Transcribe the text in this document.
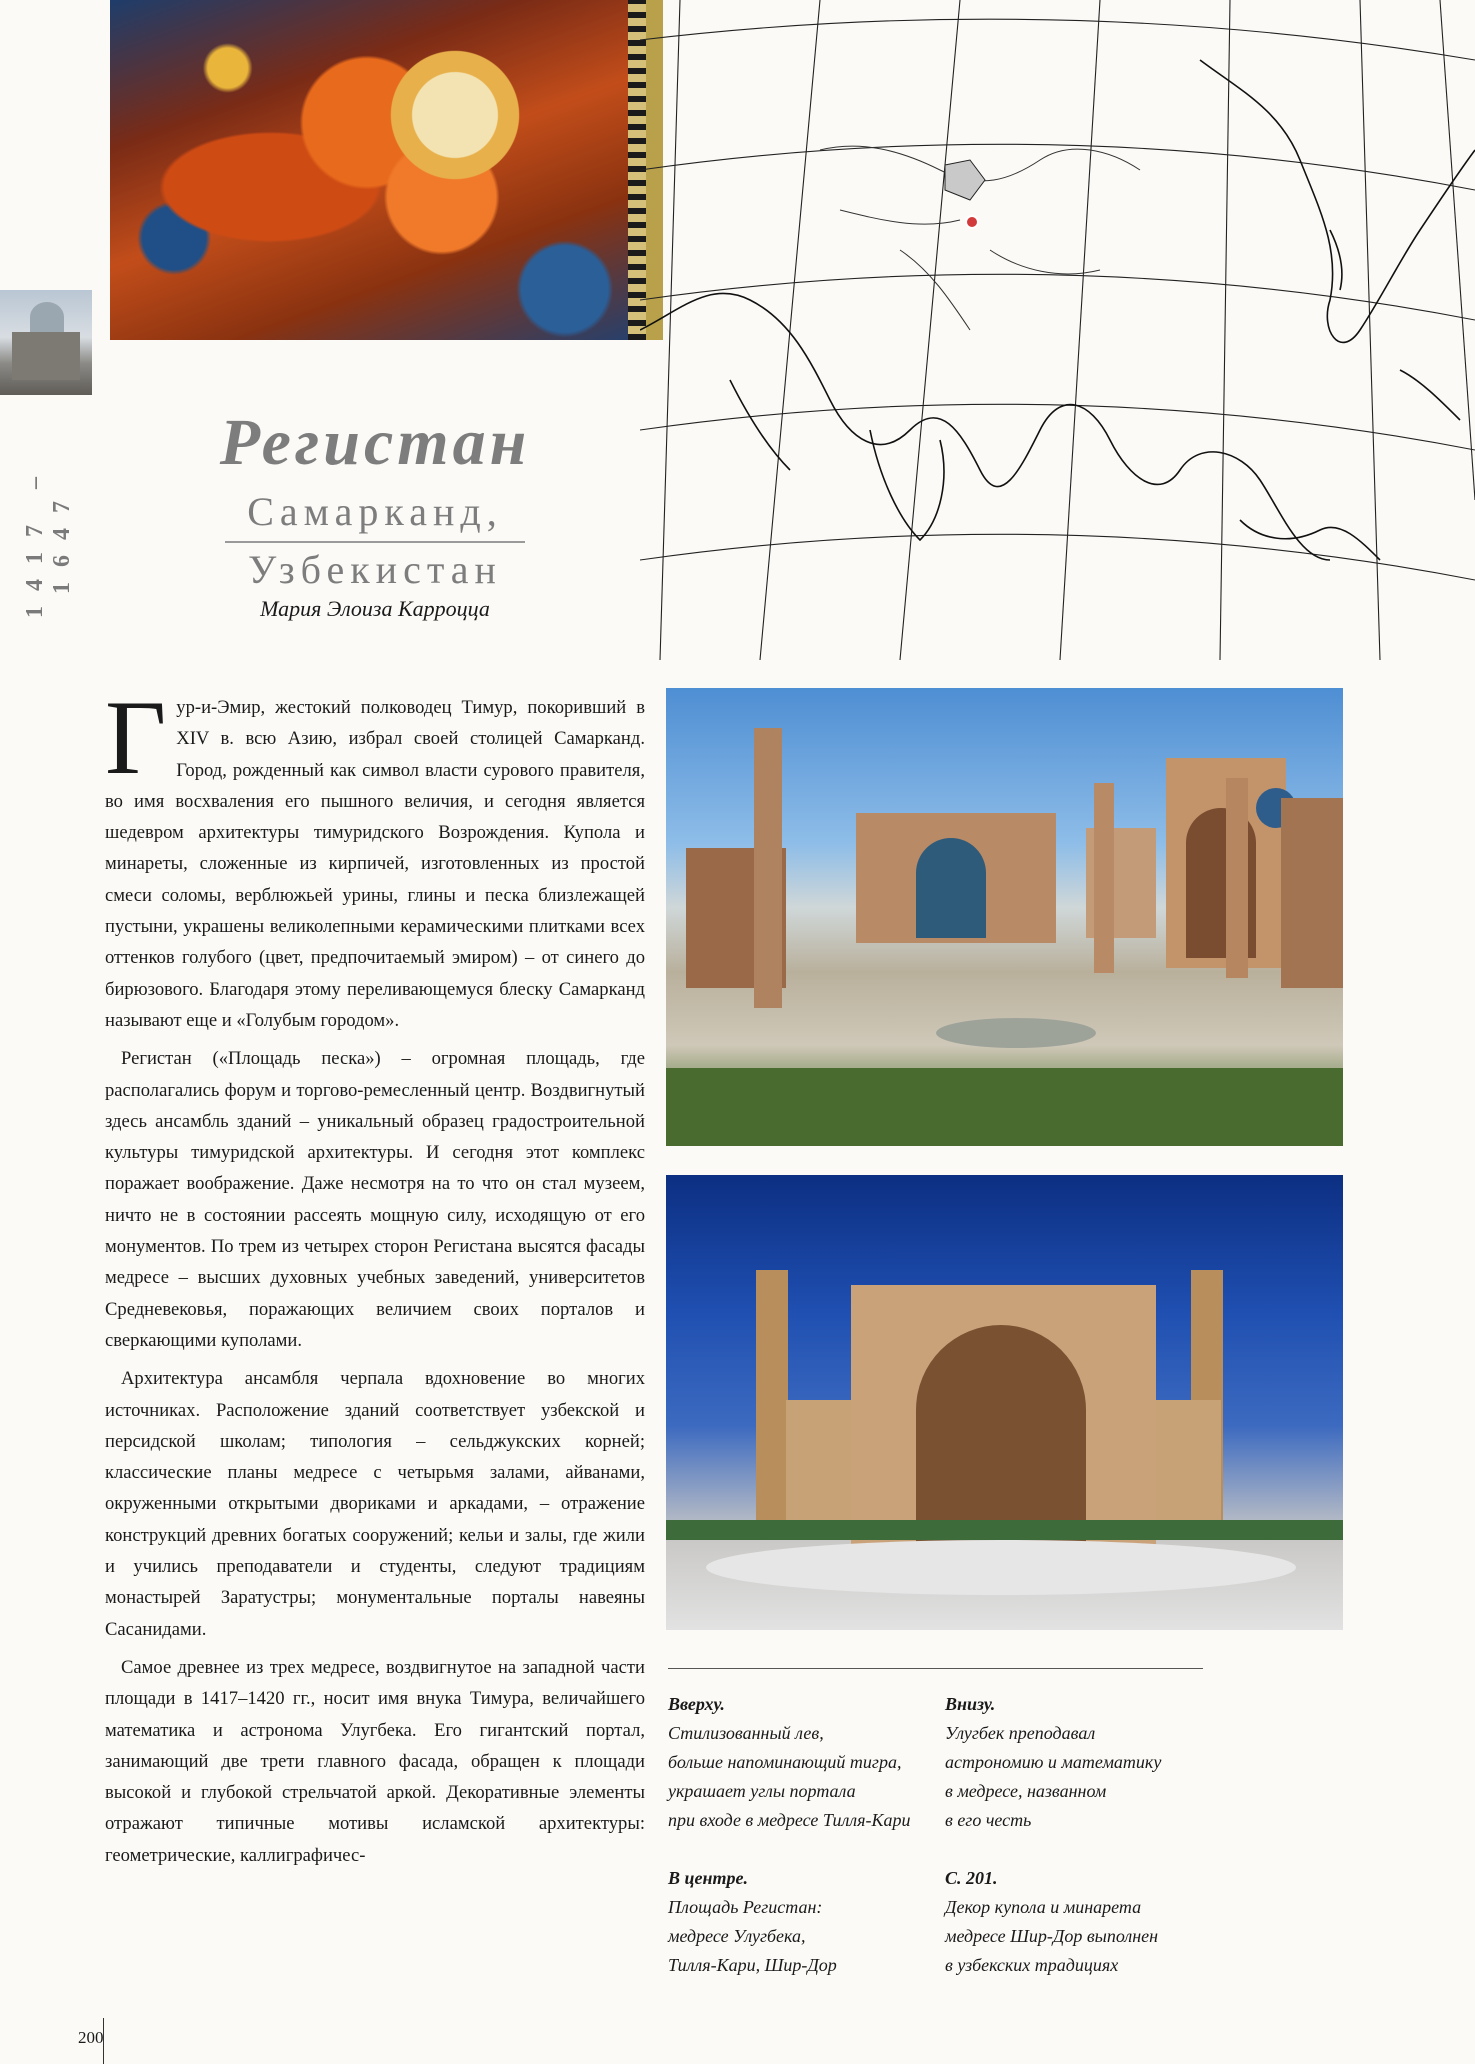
1417 – 1647
Регистан
Самарканд,
Узбекистан
Мария Элоиза Карроцца

Гур-и-Эмир, жестокий полководец Тимур, покоривший в XIV в. всю Азию, избрал своей столицей Самарканд. Город, рожденный как символ власти сурового правителя, во имя восхваления его пышного величия, и сегодня является шедевром архитектуры тимуридского Возрождения. Купола и минареты, сложенные из кирпичей, изготовленных из простой смеси соломы, верблюжьей урины, глины и песка близлежащей пустыни, украшены великолепными керамическими плитками всех оттенков голубого (цвет, предпочитаемый эмиром) – от синего до бирюзового. Благодаря этому переливающемуся блеску Самарканд называют еще и «Голубым городом».

Регистан («Площадь песка») – огромная площадь, где располагались форум и торгово-ремесленный центр. Воздвигнутый здесь ансамбль зданий – уникальный образец градостроительной культуры тимуридской архитектуры. И сегодня этот комплекс поражает воображение. Даже несмотря на то что он стал музеем, ничто не в состоянии рассеять мощную силу, исходящую от его монументов. По трем из четырех сторон Регистана высятся фасады медресе – высших духовных учебных заведений, университетов Средневековья, поражающих величием своих порталов и сверкающими куполами.

Архитектура ансамбля черпала вдохновение во многих источниках. Расположение зданий соответствует узбекской и персидской школам; типология – сельджукских корней; классические планы медресе с четырьмя залами, айванами, окруженными открытыми двориками и аркадами, – отражение конструкций древних богатых сооружений; кельи и залы, где жили и учились преподаватели и студенты, следуют традициям монастырей Заратустры; монументальные порталы навеяны Сасанидами.

Самое древнее из трех медресе, воздвигнутое на западной части площади в 1417–1420 гг., носит имя внука Тимура, величайшего математика и астронома Улугбека. Его гигантский портал, занимающий две трети главного фасада, обращен к площади высокой и глубокой стрельчатой аркой. Декоративные элементы отражают типичные мотивы исламской архитектуры: геометрические, каллиграфичес-

Вверху.
Стилизованный лев,
больше напоминающий тигра,
украшает углы портала
при входе в медресе Тилля-Кари
Внизу.
Улугбек преподавал
астрономию и математику
в медресе, названном
в его честь
В центре.
Площадь Регистан:
медресе Улугбека,
Тилля-Кари, Шир-Дор
С. 201.
Декор купола и минарета
медресе Шир-Дор выполнен
в узбекских традициях
200
